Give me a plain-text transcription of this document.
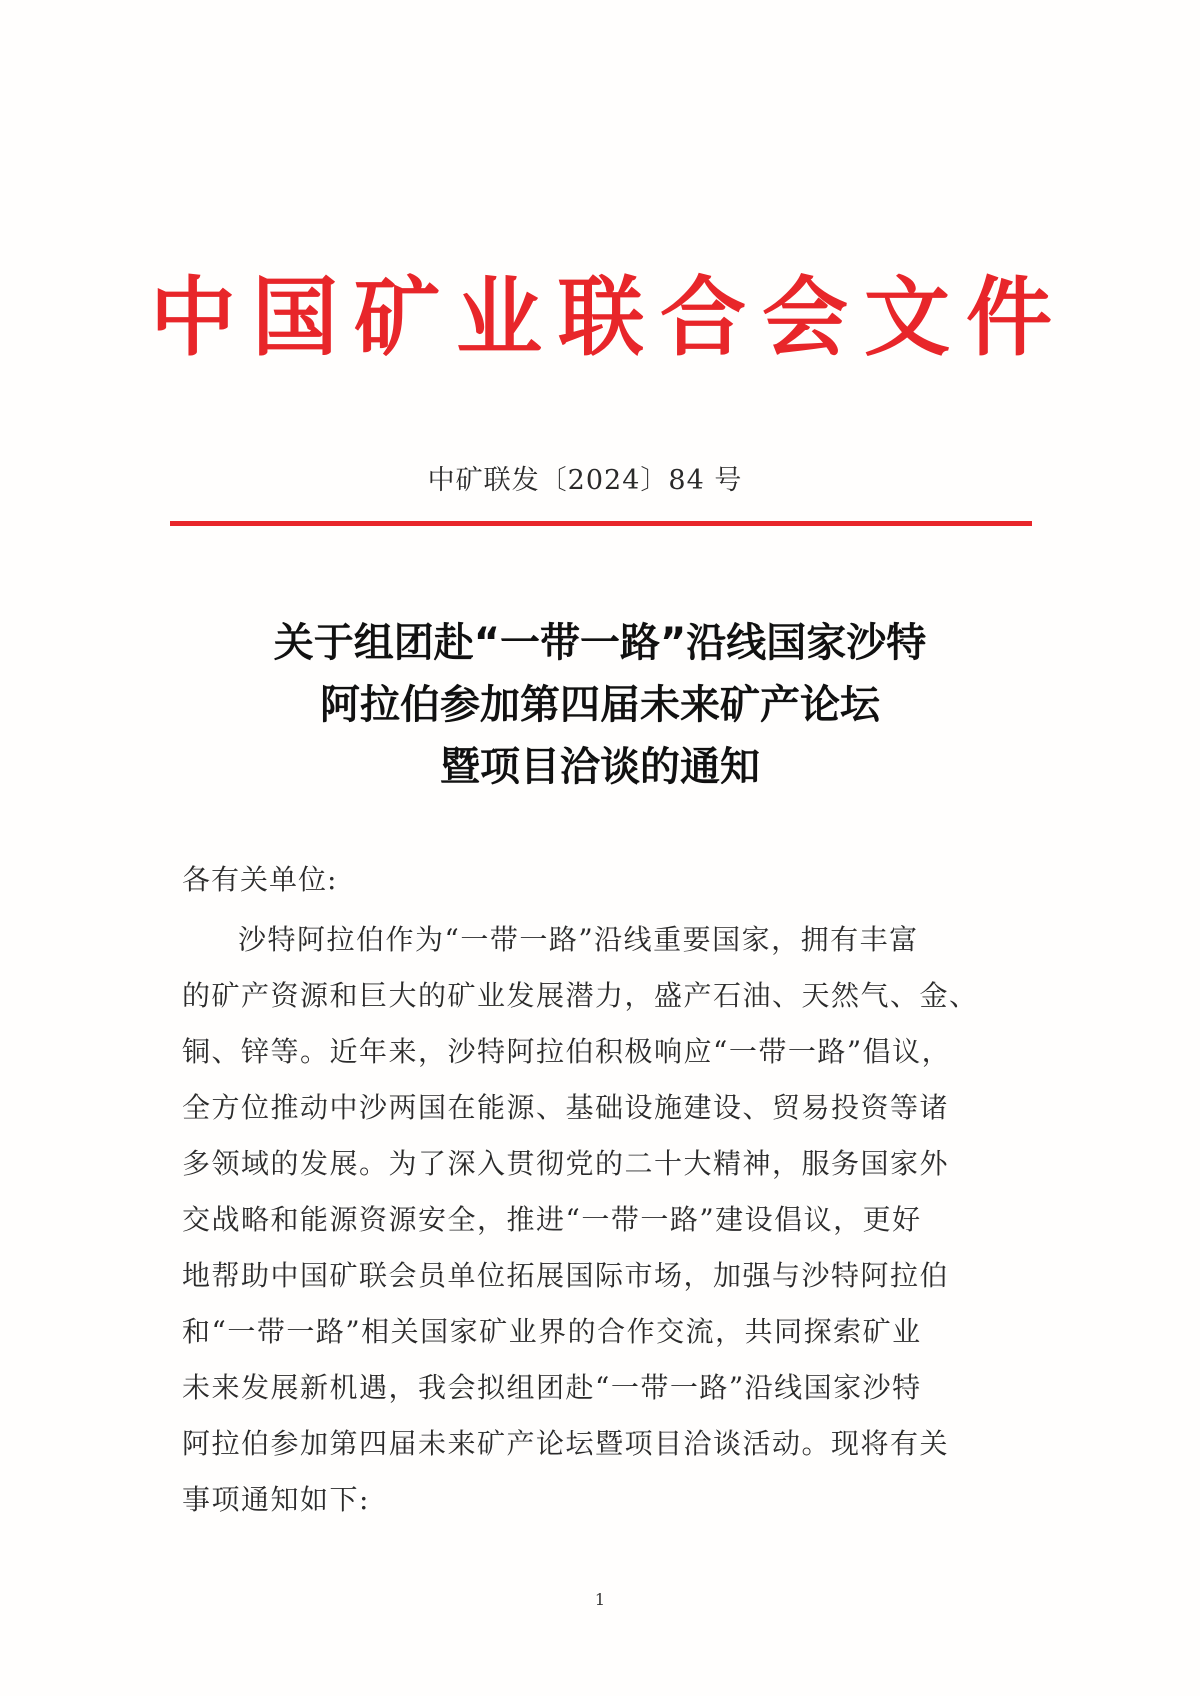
中国矿业联合会文件
中矿联发〔2024〕84 号
关于组团赴“一带一路”沿线国家沙特
阿拉伯参加第四届未来矿产论坛
暨项目洽谈的通知
各有关单位:
沙特阿拉伯作为“一带一路”沿线重要国家，拥有丰富
的矿产资源和巨大的矿业发展潜力，盛产石油、天然气、金、
铜、锌等。近年来，沙特阿拉伯积极响应“一带一路”倡议，
全方位推动中沙两国在能源、基础设施建设、贸易投资等诸
多领域的发展。为了深入贯彻党的二十大精神，服务国家外
交战略和能源资源安全，推进“一带一路”建设倡议，更好
地帮助中国矿联会员单位拓展国际市场，加强与沙特阿拉伯
和“一带一路”相关国家矿业界的合作交流，共同探索矿业
未来发展新机遇，我会拟组团赴“一带一路”沿线国家沙特
阿拉伯参加第四届未来矿产论坛暨项目洽谈活动。现将有关
事项通知如下:
1
